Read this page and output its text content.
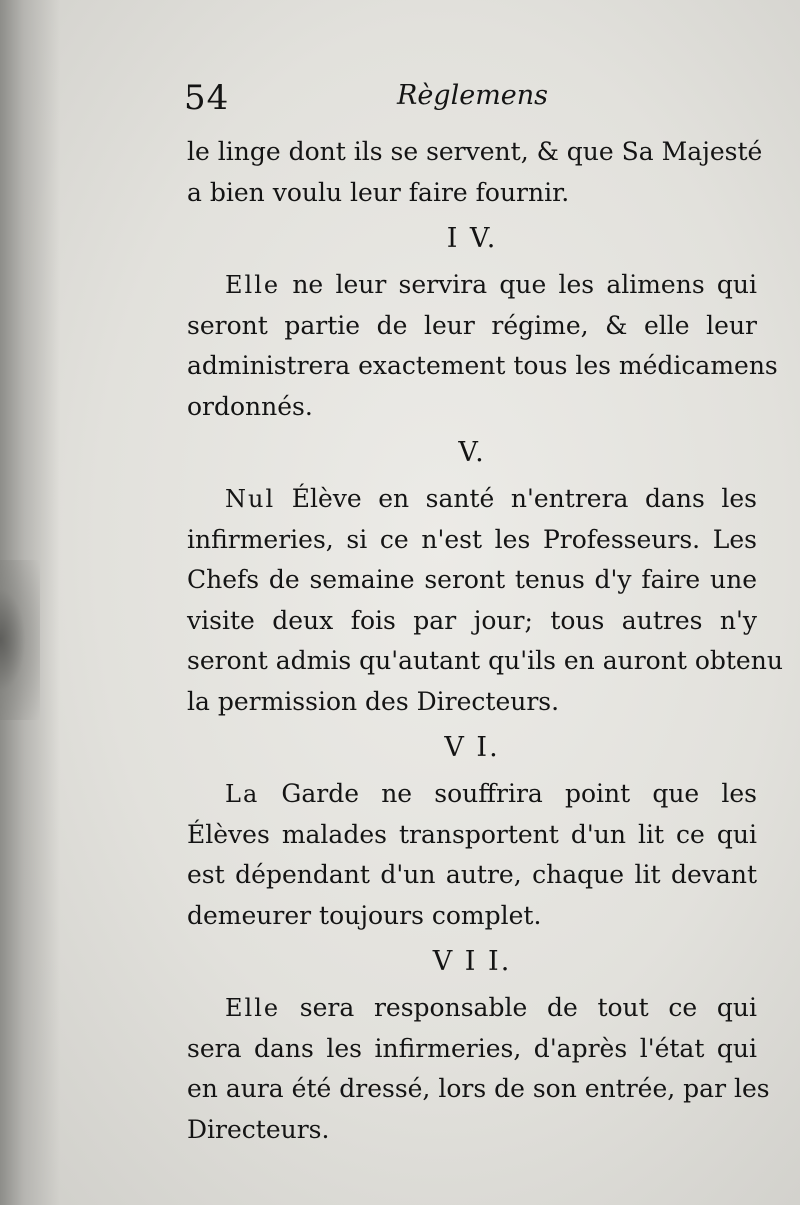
54	Règlemens
le linge dont ils se servent, & que Sa Majesté
a bien voulu leur faire fournir.
I V.
Elle ne leur servira que les alimens qui
seront partie de leur régime, & elle leur
administrera exactement tous les médicamens
ordonnés.
V.
Nul Élève en santé n'entrera dans les
infirmeries, si ce n'est les Professeurs. Les
Chefs de semaine seront tenus d'y faire une
visite deux fois par jour; tous autres n'y
seront admis qu'autant qu'ils en auront obtenu
la permission des Directeurs.
V I.
La Garde ne souffrira point que les
Élèves malades transportent d'un lit ce qui
est dépendant d'un autre, chaque lit devant
demeurer toujours complet.
V I I.
Elle sera responsable de tout ce qui
sera dans les infirmeries, d'après l'état qui
en aura été dressé, lors de son entrée, par les
Directeurs.
